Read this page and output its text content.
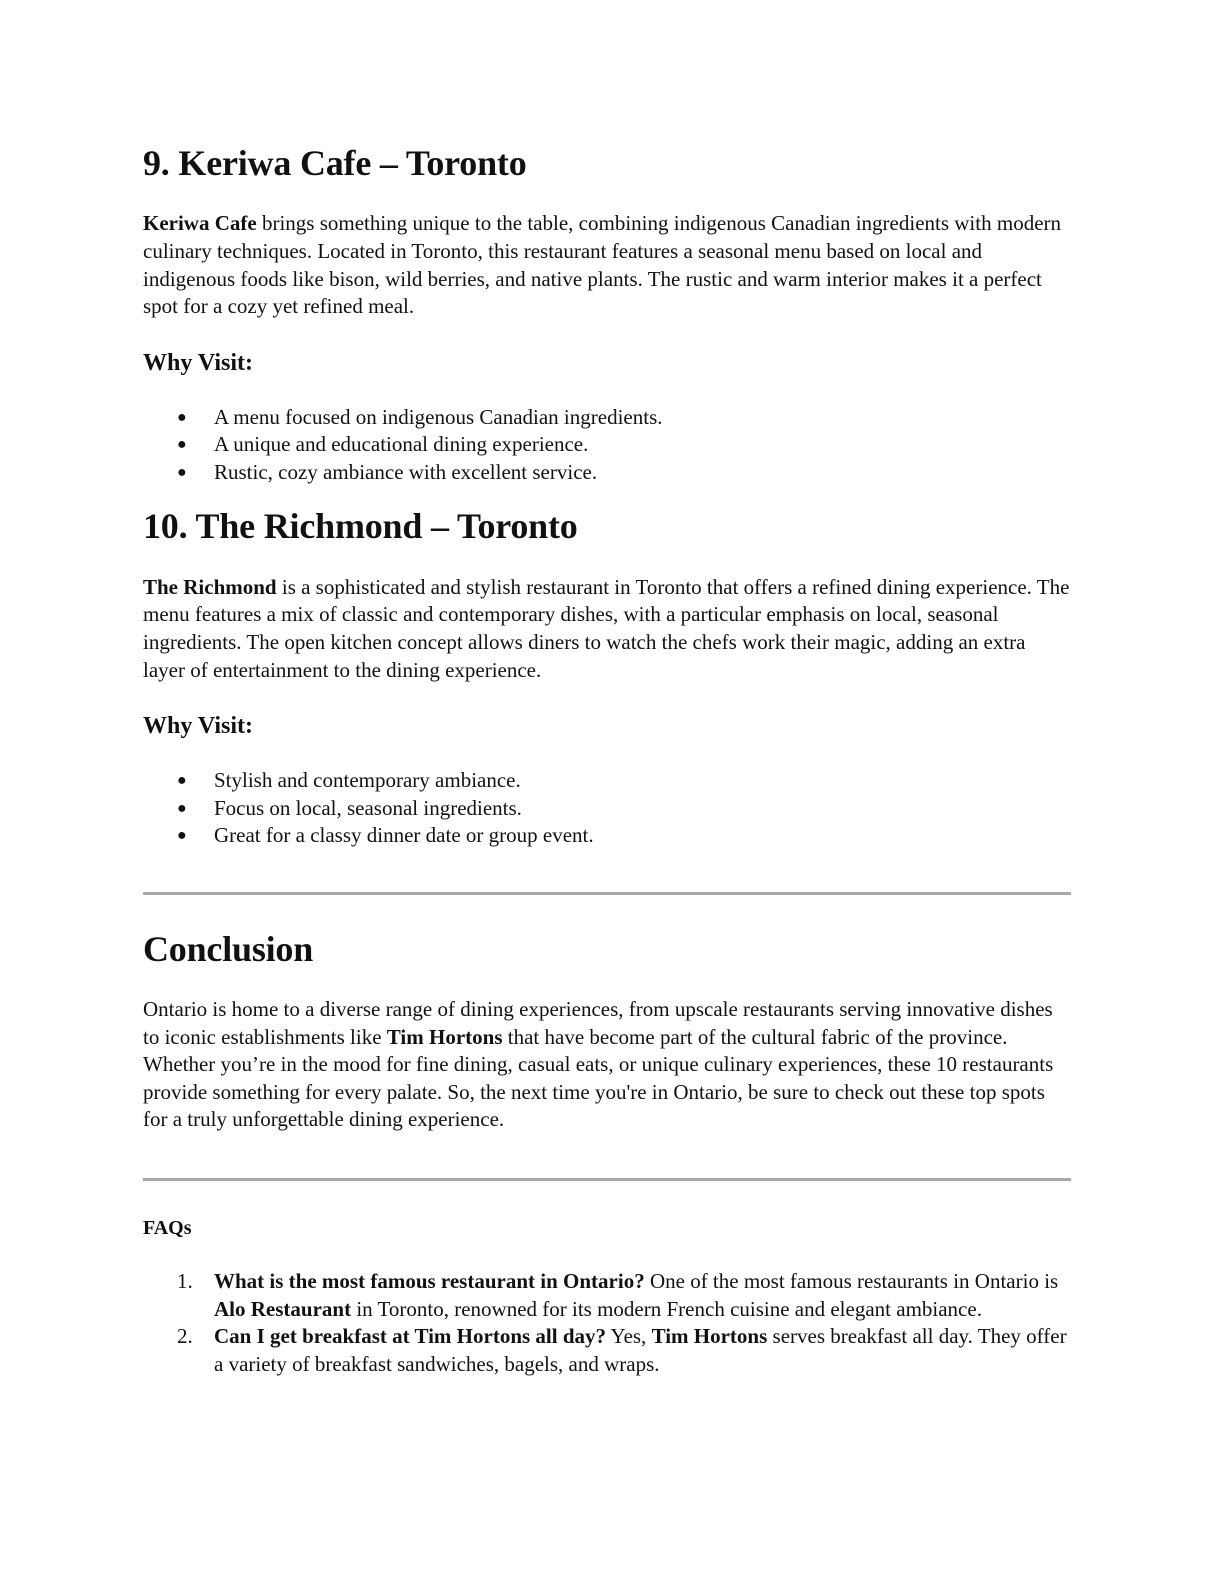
9. Keriwa Cafe – Toronto

Keriwa Cafe brings something unique to the table, combining indigenous Canadian ingredients with modern culinary techniques. Located in Toronto, this restaurant features a seasonal menu based on local and indigenous foods like bison, wild berries, and native plants. The rustic and warm interior makes it a perfect spot for a cozy yet refined meal.

Why Visit:
● A menu focused on indigenous Canadian ingredients.
● A unique and educational dining experience.
● Rustic, cozy ambiance with excellent service.
10. The Richmond – Toronto

The Richmond is a sophisticated and stylish restaurant in Toronto that offers a refined dining experience. The menu features a mix of classic and contemporary dishes, with a particular emphasis on local, seasonal ingredients. The open kitchen concept allows diners to watch the chefs work their magic, adding an extra layer of entertainment to the dining experience.

Why Visit:
● Stylish and contemporary ambiance.
● Focus on local, seasonal ingredients.
● Great for a classy dinner date or group event.
Conclusion

Ontario is home to a diverse range of dining experiences, from upscale restaurants serving innovative dishes to iconic establishments like Tim Hortons that have become part of the cultural fabric of the province. Whether you’re in the mood for fine dining, casual eats, or unique culinary experiences, these 10 restaurants provide something for every palate. So, the next time you're in Ontario, be sure to check out these top spots for a truly unforgettable dining experience.

FAQs

1. What is the most famous restaurant in Ontario? One of the most famous restaurants in Ontario is Alo Restaurant in Toronto, renowned for its modern French cuisine and elegant ambiance.
2. Can I get breakfast at Tim Hortons all day? Yes, Tim Hortons serves breakfast all day. They offer a variety of breakfast sandwiches, bagels, and wraps.
